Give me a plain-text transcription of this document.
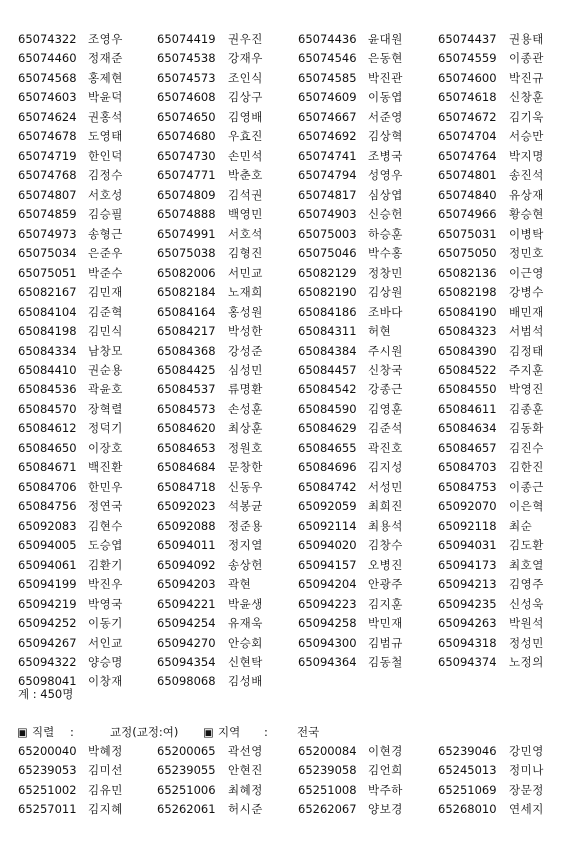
65074322 조영우	65074419 권우진	65074436 윤대원	65074437 권용태
65074460 정재준	65074538 강재우	65074546 은동현	65074559 이종관
65074568 홍제현	65074573 조인식	65074585 박진관	65074600 박진규
65074603 박윤덕	65074608 김상구	65074609 이동엽	65074618 신창훈
65074624 권홍석	65074650 김영배	65074667 서준영	65074672 김기욱
65074678 도영태	65074680 우효진	65074692 김상혁	65074704 서승만
65074719 한인덕	65074730 손민석	65074741 조병국	65074764 박지명
65074768 김정수	65074771 박춘호	65074794 성영우	65074801 송진석
65074807 서호성	65074809 김석권	65074817 심상엽	65074840 유상재
65074859 김승필	65074888 백영민	65074903 신승헌	65074966 황승현
65074973 송형근	65074991 서호석	65075003 하승훈	65075031 이병탁
65075034 은준우	65075038 김형진	65075046 박수홍	65075050 정민호
65075051 박준수	65082006 서민교	65082129 정창민	65082136 이근영
65082167 김민재	65082184 노재희	65082190 김상원	65082198 강병수
65084104 김준혁	65084164 홍성원	65084186 조바다	65084190 배민재
65084198 김민식	65084217 박성한	65084311 허현	65084323 서범석
65084334 남창모	65084368 강성준	65084384 주시원	65084390 김정태
65084410 권순용	65084425 심성민	65084457 신창국	65084522 주지훈
65084536 곽윤호	65084537 류명환	65084542 강종근	65084550 박영진
65084570 장혁렬	65084573 손성훈	65084590 김영훈	65084611 김종훈
65084612 정덕기	65084620 최상훈	65084629 김준석	65084634 김동화
65084650 이장호	65084653 정원호	65084655 곽진호	65084657 김진수
65084671 백진환	65084684 문창한	65084696 김지성	65084703 김한진
65084706 한민우	65084718 신동우	65084742 서성민	65084753 이종근
65084756 정연국	65092023 석봉균	65092059 최희진	65092070 이은혁
65092083 김현수	65092088 정준용	65092114 최용석	65092118 최순
65094005 도승엽	65094011 정지열	65094020 김창수	65094031 김도환
65094061 김환기	65094092 송상헌	65094157 오병진	65094173 최호열
65094199 박진우	65094203 곽현	65094204 안광주	65094213 김영주
65094219 박영국	65094221 박윤생	65094223 김지훈	65094235 신성욱
65094252 이동기	65094254 유재욱	65094258 박민재	65094263 박원석
65094267 서인교	65094270 안승회	65094300 김범규	65094318 정성민
65094322 양승명	65094354 신현탁	65094364 김동철	65094374 노정의
65098041 이창재	65098068 김성배
계 : 450명
▣ 직렬 :	교정(교정:여) ▣ 지역 :	전국
65200040 박혜정	65200065 곽선영	65200084 이현경	65239046 강민영
65239053 김미선	65239055 안현진	65239058 김언희	65245013 정미나
65251002 김유민	65251006 최혜정	65251008 박주하	65251069 장문정
65257011 김지혜	65262061 허시준	65262067 양보경	65268010 연세지
